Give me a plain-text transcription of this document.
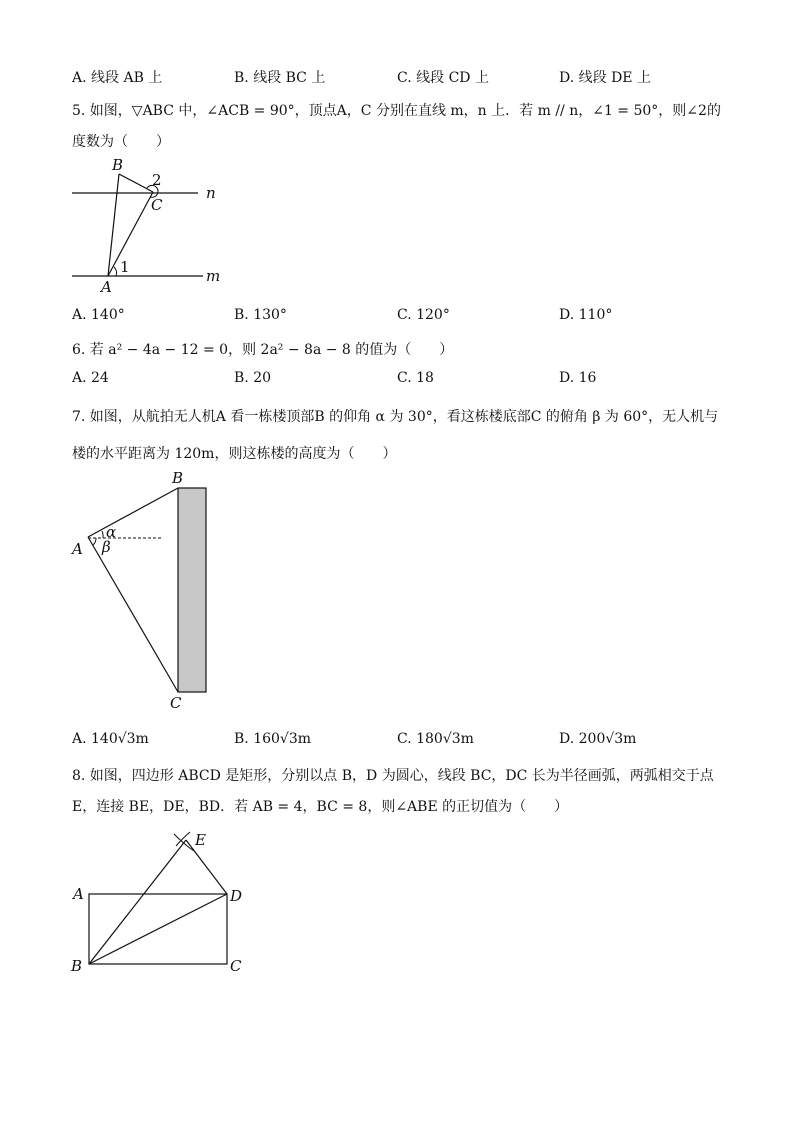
A. 线段 AB 上	B. 线段 BC 上	C. 线段 CD 上	D. 线段 DE 上
5. 如图，▽ABC 中，∠ACB = 90°，顶点A，C 分别在直线 m，n 上．若 m // n，∠1 = 50°，则∠2的
度数为（　　）
B
2
C
n
1	m
A
A. 140°	B. 130°	C. 120°	D. 110°
6. 若 a² − 4a − 12 = 0，则 2a² − 8a − 8 的值为（　　）
A. 24	B. 20	C. 18	D. 16
7. 如图，从航拍无人机A 看一栋楼顶部B 的仰角 α 为 30°，看这栋楼底部C 的俯角 β 为 60°，无人机与
楼的水平距离为 120m，则这栋楼的高度为（　　）
B
α
A β
C
A. 140√3m	B. 160√3m	C. 180√3m	D. 200√3m
8. 如图，四边形 ABCD 是矩形，分别以点 B，D 为圆心，线段 BC，DC 长为半径画弧，两弧相交于点
E，连接 BE，DE，BD．若 AB = 4，BC = 8，则∠ABE 的正切值为（　　）
E
A	D
B	C
